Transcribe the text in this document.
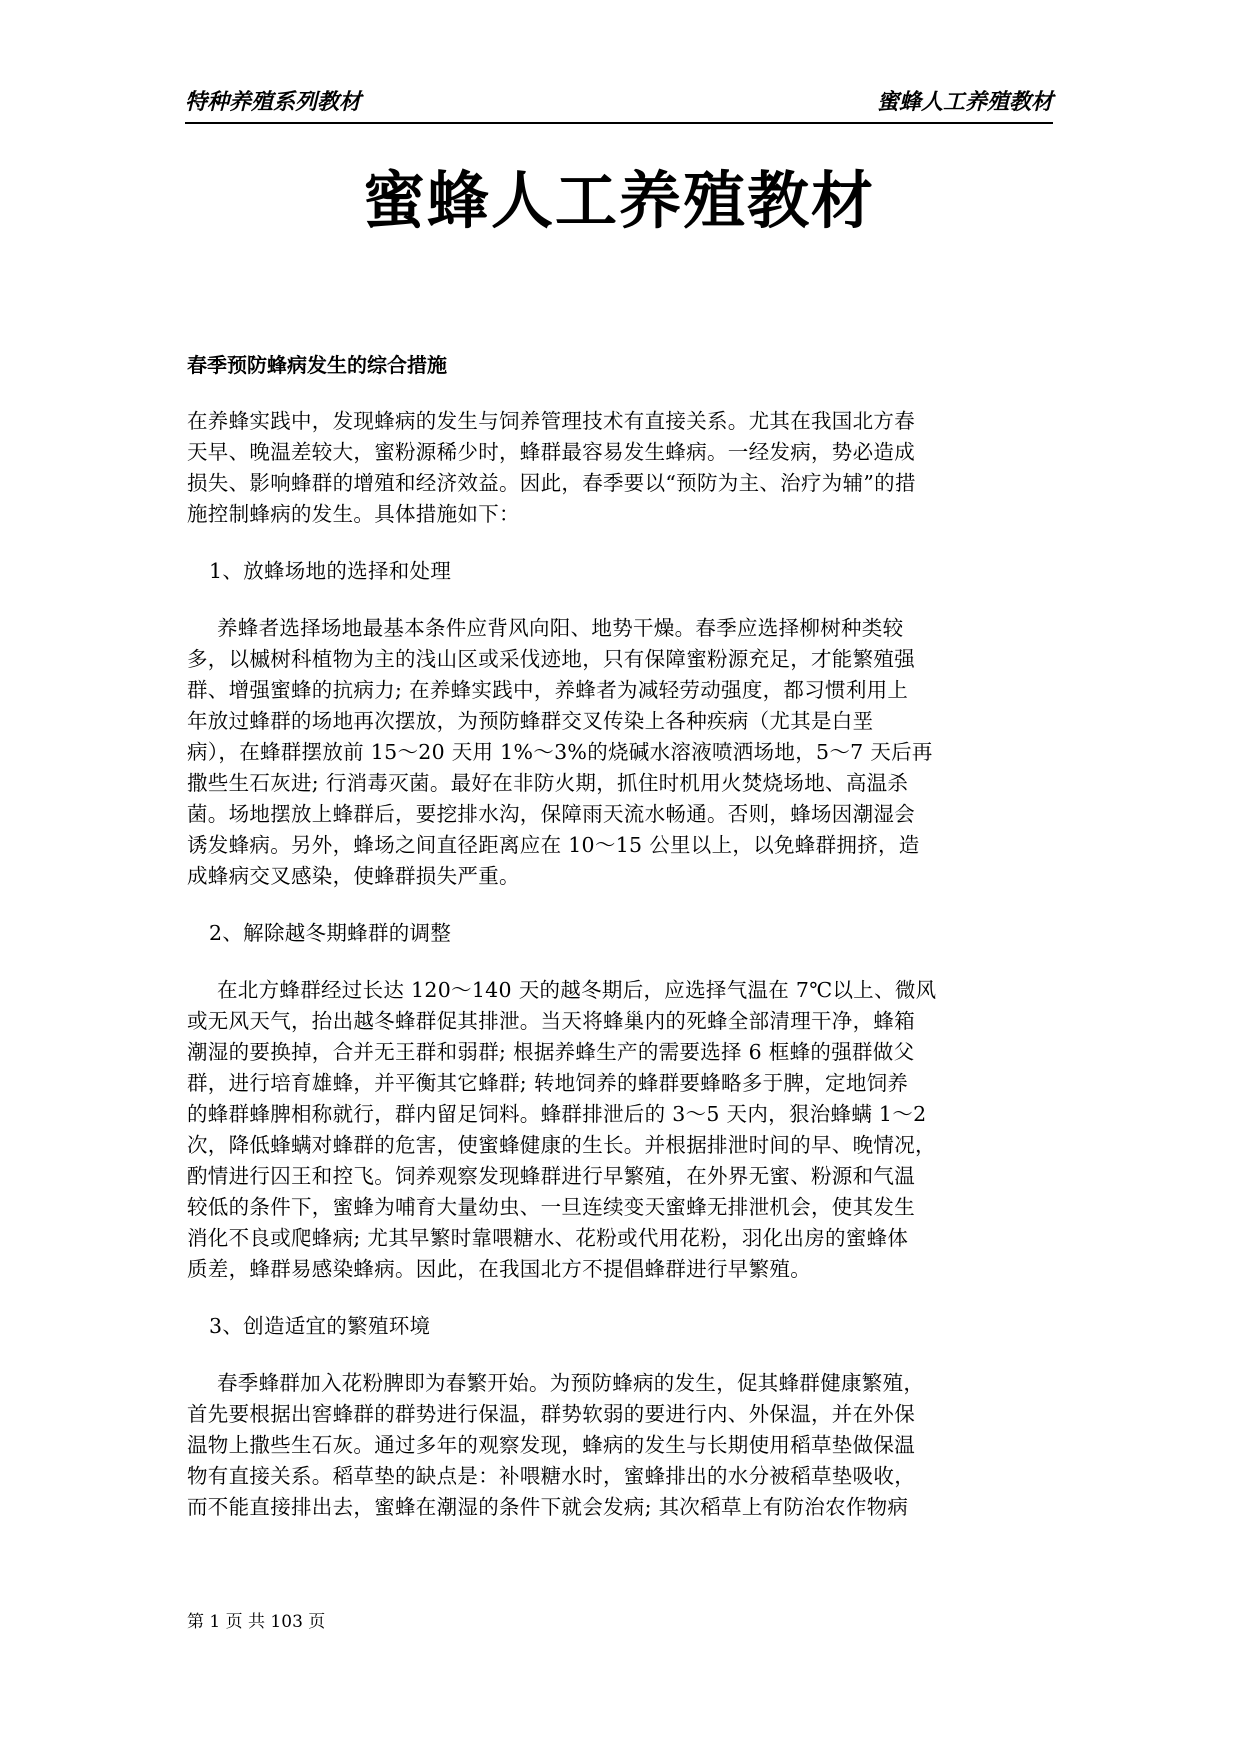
特种养殖系列教材	蜜蜂人工养殖教材
蜜蜂人工养殖教材
春季预防蜂病发生的综合措施
在养蜂实践中，发现蜂病的发生与饲养管理技术有直接关系。尤其在我国北方春
天早、晚温差较大，蜜粉源稀少时，蜂群最容易发生蜂病。一经发病，势必造成
损失、影响蜂群的增殖和经济效益。因此，春季要以“预防为主、治疗为辅”的措
施控制蜂病的发生。具体措施如下：
1、放蜂场地的选择和处理
养蜂者选择场地最基本条件应背风向阳、地势干燥。春季应选择柳树种类较
多，以槭树科植物为主的浅山区或采伐迹地，只有保障蜜粉源充足，才能繁殖强
群、增强蜜蜂的抗病力; 在养蜂实践中，养蜂者为减轻劳动强度，都习惯利用上
年放过蜂群的场地再次摆放，为预防蜂群交叉传染上各种疾病（尤其是白垩
病），在蜂群摆放前 15～20 天用 1%～3%的烧碱水溶液喷洒场地，5～7 天后再
撒些生石灰进; 行消毒灭菌。最好在非防火期，抓住时机用火焚烧场地、高温杀
菌。场地摆放上蜂群后，要挖排水沟，保障雨天流水畅通。否则，蜂场因潮湿会
诱发蜂病。另外，蜂场之间直径距离应在 10～15 公里以上，以免蜂群拥挤，造
成蜂病交叉感染，使蜂群损失严重。
2、解除越冬期蜂群的调整
在北方蜂群经过长达 120～140 天的越冬期后，应选择气温在 7℃以上、微风
或无风天气，抬出越冬蜂群促其排泄。当天将蜂巢内的死蜂全部清理干净，蜂箱
潮湿的要换掉，合并无王群和弱群; 根据养蜂生产的需要选择 6 框蜂的强群做父
群，进行培育雄蜂，并平衡其它蜂群; 转地饲养的蜂群要蜂略多于脾，定地饲养
的蜂群蜂脾相称就行，群内留足饲料。蜂群排泄后的 3～5 天内，狠治蜂螨 1～2
次，降低蜂螨对蜂群的危害，使蜜蜂健康的生长。并根据排泄时间的早、晚情况，
酌情进行囚王和控飞。饲养观察发现蜂群进行早繁殖，在外界无蜜、粉源和气温
较低的条件下，蜜蜂为哺育大量幼虫、一旦连续变天蜜蜂无排泄机会，使其发生
消化不良或爬蜂病; 尤其早繁时靠喂糖水、花粉或代用花粉，羽化出房的蜜蜂体
质差，蜂群易感染蜂病。因此，在我国北方不提倡蜂群进行早繁殖。
3、创造适宜的繁殖环境
春季蜂群加入花粉脾即为春繁开始。为预防蜂病的发生，促其蜂群健康繁殖，
首先要根据出窖蜂群的群势进行保温，群势软弱的要进行内、外保温，并在外保
温物上撒些生石灰。通过多年的观察发现，蜂病的发生与长期使用稻草垫做保温
物有直接关系。稻草垫的缺点是：补喂糖水时，蜜蜂排出的水分被稻草垫吸收，
而不能直接排出去，蜜蜂在潮湿的条件下就会发病; 其次稻草上有防治农作物病
第 1 页 共 103 页
